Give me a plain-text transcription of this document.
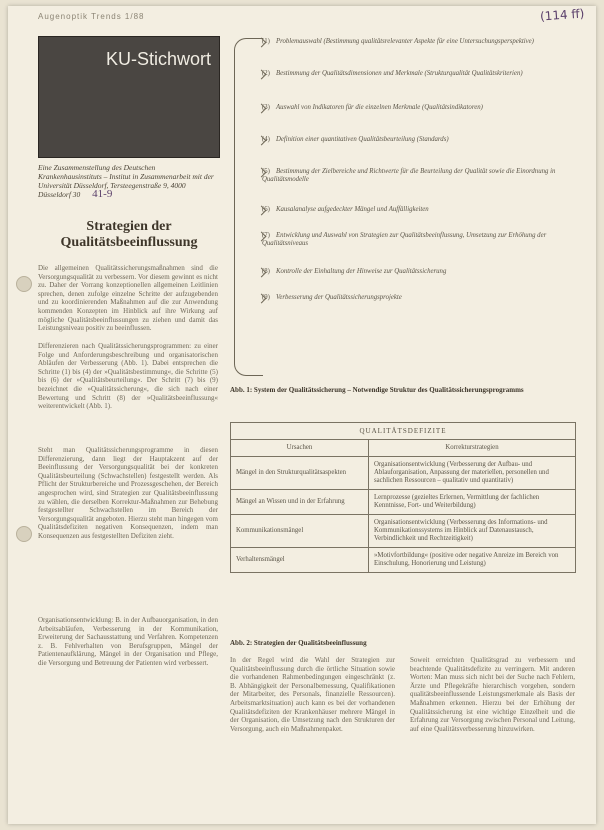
Augenoptik Trends 1/88	(114 ff)
KU-Stichwort
Eine Zusammenstellung des Deutschen Krankenhausinstituts – Institut in Zusammenarbeit mit der Universität Düsseldorf, Tersteegenstraße 9, 4000 Düsseldorf 30 41-9
Strategien der Qualitätsbeeinflussung
Die allgemeinen Qualitätssicherungsmaßnahmen sind die Versorgungsqualität zu verbessern. Vor diesem gewinnt es nicht zu. Daher der Vorrang konzeptionellen allgemeinen Leitlinien sprechen, denen zufolge einzelne Schritte der aufzugebenden und zu koordinierenden Maßnahmen auf die zur Anwendung kommenden Konzepten im Hinblick auf ihre Wirkung auf mögliche Qualitätsbeeinflussungen zu ziehen und damit das Leistungsniveau positiv zu beeinflussen.
Differenzieren nach Qualitätssicherungsprogrammen: zu einer Folge und Anforderungsbeschreibung und organisatorischen Abläufen der Verbesserung (Abb. 1). Dabei entsprechen die Schritte (1) bis (4) der »Qualitätsbestimmung«, die Schritte (5) bis (6) der »Qualitätsbeurteilung«. Der Schritt (7) bis (9) bezeichnet die »Qualitätssicherung«, die sich nach einer Bewertung und Schritt (8) der »Qualitätsbeeinflussung« weiterentwickelt (Abb. 1).
Steht man Qualitätssicherungsprogramme in diesen Differenzierung, dann liegt der Hauptakzent auf der Beeinflussung der Versorgungsqualität bei der konkreten Qualitätsbeurteilung (Schwachstellen) festgestellt werden. Als Pflicht der Strukturbereiche und Prozessgeschehen, der Bereich angesprochen wird, sind Strategien zur Qualitätsbeeinflussung zu wählen, die derselben Korrektur-Maßnahmen zur Behebung festgestellter Schwachstellen im Bereich der Versorgungsqualität angeboten. Hierzu steht man hingegen vom Qualitätsdefiziten negativen Konsequenzen, indem man Konsequenzen aus festgestellten Defiziten zieht.
Organisationsentwicklung: B. in der Aufbauorganisation, in den Arbeitsabläufen, Verbesserung in der Kommunikation, Erweiterung der Sachausstattung und Verfahren. Kompetenzen z. B. Fehlverhalten von Berufsgruppen, Mängel der Patientenaufklärung, Mängel in der Organisation und Pflege, die Versorgung und Betreuung der Patienten wird verbessert.
(1) Problemauswahl (Bestimmung qualitätsrelevanter Aspekte für eine Untersuchungsperspektive)
(2) Bestimmung der Qualitätsdimensionen und Merkmale (Strukturqualität Qualitätskriterien)
(3) Auswahl von Indikatoren für die einzelnen Merkmale (Qualitätsindikatoren)
(4) Definition einer quantitativen Qualitätsbeurteilung (Standards)
(5) Bestimmung der Zielbereiche und Richtwerte für die Beurteilung der Qualität sowie die Einordnung in Qualitätsmodelle
(6) Kausalanalyse aufgedeckter Mängel und Auffälligkeiten
(7) Entwicklung und Auswahl von Strategien zur Qualitätsbeeinflussung, Umsetzung zur Erhöhung der Qualitätsniveaus
(8) Kontrolle der Einhaltung der Hinweise zur Qualitätssicherung
(9) Verbesserung der Qualitätssicherungsprojekte
Abb. 1: System der Qualitätssicherung – Notwendige Struktur des Qualitätssicherungsprogramms
QUALITÄTSDEFIZITE	
Ursachen	Korrekturstrategien
Mängel in den Strukturqualitätsaspekten	Organisationsentwicklung (Verbesserung der Aufbau- und Ablauforganisation, Anpassung der materiellen, personellen und sachlichen Ressourcen – qualitativ und quantitativ)
Mängel an Wissen und in der Erfahrung	Lernprozesse (gezieltes Erlernen, Vermittlung der fachlichen Kenntnisse, Fort- und Weiterbildung)
Kommunikationsmängel	Organisationsentwicklung (Verbesserung des Informations- und Kommunikationssystems im Hinblick auf Datenaustausch, Verbindlichkeit und Rechtzeitigkeit)
Verhaltensmängel	»Motivfortbildung« (positive oder negative Anreize im Bereich von Einschulung, Honorierung und Leistung)
Abb. 2: Strategien der Qualitätsbeeinflussung
In der Regel wird die Wahl der Strategien zur Qualitätsbeeinflussung durch die örtliche Situation sowie die vorhandenen Rahmenbedingungen eingeschränkt (z. B. Abhängigkeit der Personalbemessung, Qualifikationen der Mitarbeiter, des Personals, finanzielle Ressourcen). Arbeitsmarktsituation) auch kann es bei der vorhandenen Qualitätsdefiziten der Krankenhäuser mehrere Mängel in der Organisation, die Umsetzung nach den Strukturen der Versorgung, auch ein Maßnahmenpaket.
Soweit erreichten Qualitätsgrad zu verbessern und beachtende Qualitätsdefizite zu verringern. Mit anderen Worten: Man muss sich nicht bei der Suche nach Fehlern, Ärzte und Pflegekräfte hierarchisch vorgehen, sondern qualitätsbeeinflussende Leistungsmerkmale als Basis der Maßnahmen erkennen. Hierzu bei der Erhöhung der Qualitätssicherung ist eine wichtige Einzelheit und die Erfahrung zur Versorgung zwischen Personal und Leitung, auf eine Qualitätsverbesserung hinzuwirken.
